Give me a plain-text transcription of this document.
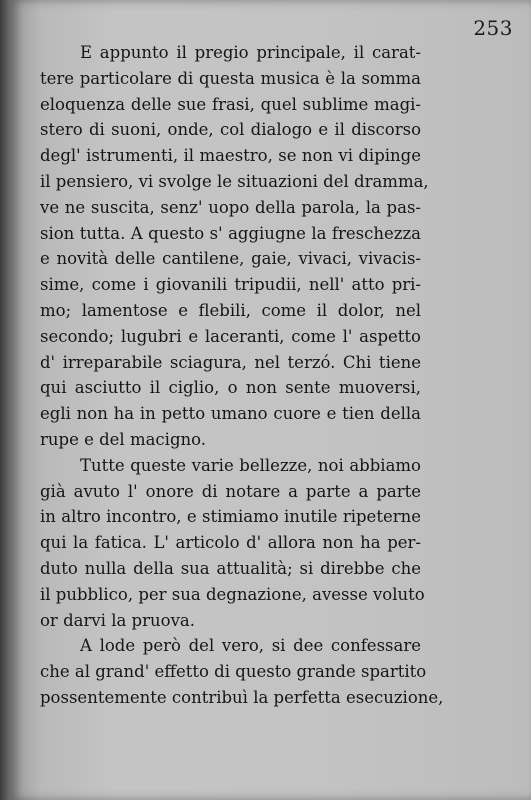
253
E appunto il pregio principale, il carat-
tere particolare di questa musica è la somma
eloquenza delle sue frasi, quel sublime magi-
stero di suoni, onde, col dialogo e il discorso
degl' istrumenti, il maestro, se non vi dipinge
il pensiero, vi svolge le situazioni del dramma,
ve ne suscita, senz' uopo della parola, la pas-
sion tutta. A questo s' aggiugne la freschezza
e novità delle cantilene, gaie, vivaci, vivacis-
sime, come i giovanili tripudii, nell' atto pri-
mo; lamentose e flebili, come il dolor, nel
secondo; lugubri e laceranti, come l' aspetto
d' irreparabile sciagura, nel terzó. Chi tiene
qui asciutto il ciglio, o non sente muoversi,
egli non ha in petto umano cuore e tien della
rupe e del macigno.
Tutte queste varie bellezze, noi abbiamo
già avuto l' onore di notare a parte a parte
in altro incontro, e stimiamo inutile ripeterne
qui la fatica. L' articolo d' allora non ha per-
duto nulla della sua attualità; si direbbe che
il pubblico, per sua degnazione, avesse voluto
or darvi la pruova.
A lode però del vero, si dee confessare
che al grand' effetto di questo grande spartito
possentemente contribuì la perfetta esecuzione,
